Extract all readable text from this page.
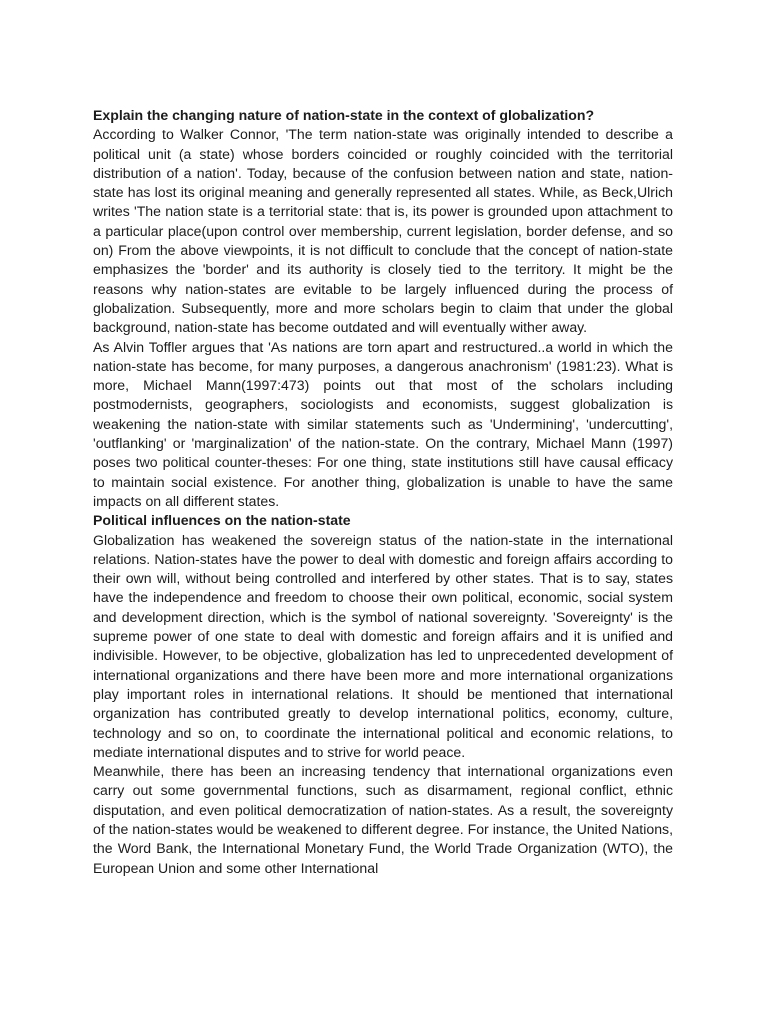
Explain the changing nature of nation-state in the context of globalization?

According to Walker Connor, 'The term nation-state was originally intended to describe a political unit (a state) whose borders coincided or roughly coincided with the territorial distribution of a nation'. Today, because of the confusion between nation and state, nation-state has lost its original meaning and generally represented all states. While, as Beck,Ulrich writes 'The nation state is a territorial state: that is, its power is grounded upon attachment to a particular place(upon control over membership, current legislation, border defense, and so on) From the above viewpoints, it is not difficult to conclude that the concept of nation-state emphasizes the 'border' and its authority is closely tied to the territory. It might be the reasons why nation-states are evitable to be largely influenced during the process of globalization. Subsequently, more and more scholars begin to claim that under the global background, nation-state has become outdated and will eventually wither away.

As Alvin Toffler argues that 'As nations are torn apart and restructured..a world in which the nation-state has become, for many purposes, a dangerous anachronism' (1981:23). What is more, Michael Mann(1997:473) points out that most of the scholars including postmodernists, geographers, sociologists and economists, suggest globalization is weakening the nation-state with similar statements such as 'Undermining', 'undercutting', 'outflanking' or 'marginalization' of the nation-state. On the contrary, Michael Mann (1997) poses two political counter-theses: For one thing, state institutions still have causal efficacy to maintain social existence. For another thing, globalization is unable to have the same impacts on all different states.

Political influences on the nation-state

Globalization has weakened the sovereign status of the nation-state in the international relations. Nation-states have the power to deal with domestic and foreign affairs according to their own will, without being controlled and interfered by other states. That is to say, states have the independence and freedom to choose their own political, economic, social system and development direction, which is the symbol of national sovereignty. 'Sovereignty' is the supreme power of one state to deal with domestic and foreign affairs and it is unified and indivisible. However, to be objective, globalization has led to unprecedented development of international organizations and there have been more and more international organizations play important roles in international relations. It should be mentioned that international organization has contributed greatly to develop international politics, economy, culture, technology and so on, to coordinate the international political and economic relations, to mediate international disputes and to strive for world peace.

Meanwhile, there has been an increasing tendency that international organizations even carry out some governmental functions, such as disarmament, regional conflict, ethnic disputation, and even political democratization of nation-states. As a result, the sovereignty of the nation-states would be weakened to different degree. For instance, the United Nations, the Word Bank, the International Monetary Fund, the World Trade Organization (WTO), the European Union and some other International
